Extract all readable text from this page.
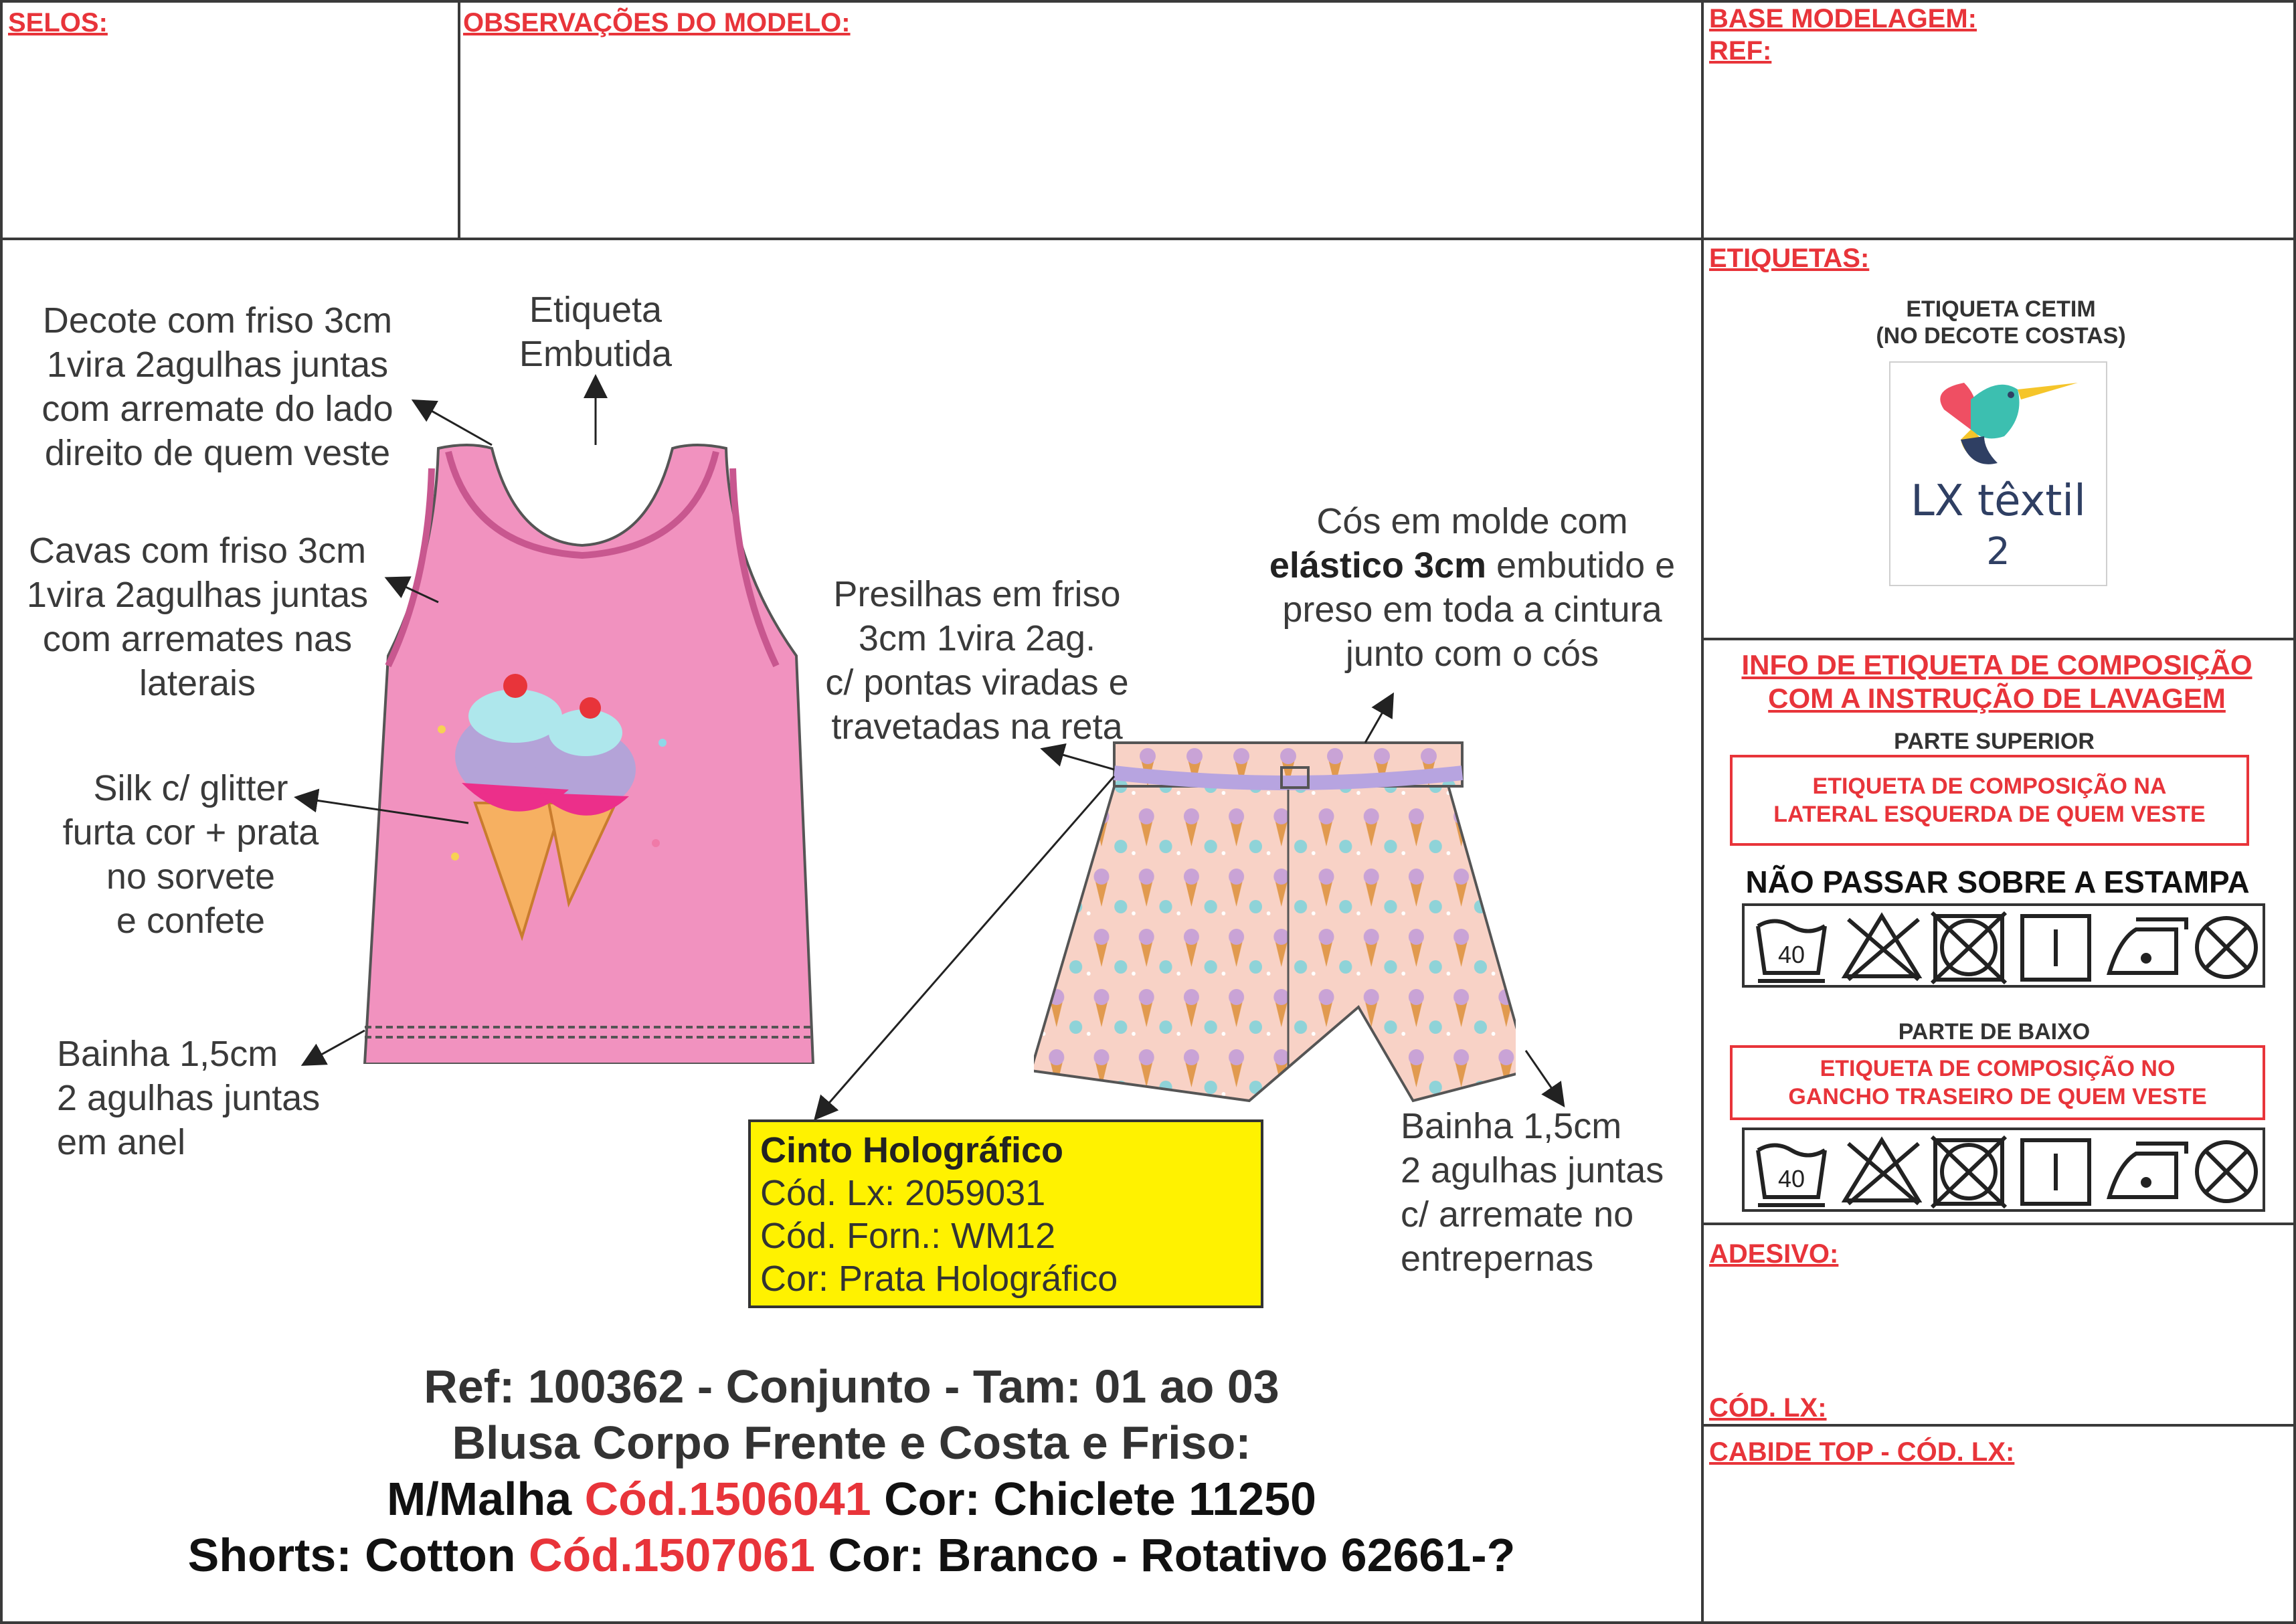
SELOS:	OBSERVAÇÕES DO MODELO:	BASE MODELAGEM:
REF:
ETIQUETAS:
ETIQUETA CETIM
(NO DECOTE COSTAS)
LX têxtil
2
INFO DE ETIQUETA DE COMPOSIÇÃO
COM A INSTRUÇÃO DE LAVAGEM
PARTE SUPERIOR
ETIQUETA DE COMPOSIÇÃO NA
LATERAL ESQUERDA DE QUEM VESTE
NÃO PASSAR SOBRE A ESTAMPA
40
PARTE DE BAIXO
ETIQUETA DE COMPOSIÇÃO NO
GANCHO TRASEIRO DE QUEM VESTE
40
ADESIVO:
CÓD. LX:
CABIDE TOP - CÓD. LX:
Decote com friso 3cm
1vira 2agulhas juntas
com arremate do lado
direito de quem veste
Etiqueta
Embutida
Cavas com friso 3cm
1vira 2agulhas juntas
com arremates nas
laterais
Silk c/ glitter
furta cor + prata
no sorvete
e confete
Bainha 1,5cm
2 agulhas juntas
em anel
Presilhas em friso
3cm 1vira 2ag.
c/ pontas viradas e
travetadas na reta
Cós em molde com
elástico 3cm embutido e
preso em toda a cintura
junto com o cós
Bainha 1,5cm
2 agulhas juntas
c/ arremate no
entrepernas
Cinto Holográfico
Cód. Lx: 2059031
Cód. Forn.: WM12
Cor: Prata Holográfico
Ref: 100362 - Conjunto - Tam: 01 ao 03
Blusa Corpo Frente e Costa e Friso:
M/Malha Cód.1506041 Cor: Chiclete 11250
Shorts: Cotton Cód.1507061 Cor: Branco - Rotativo 62661-?
